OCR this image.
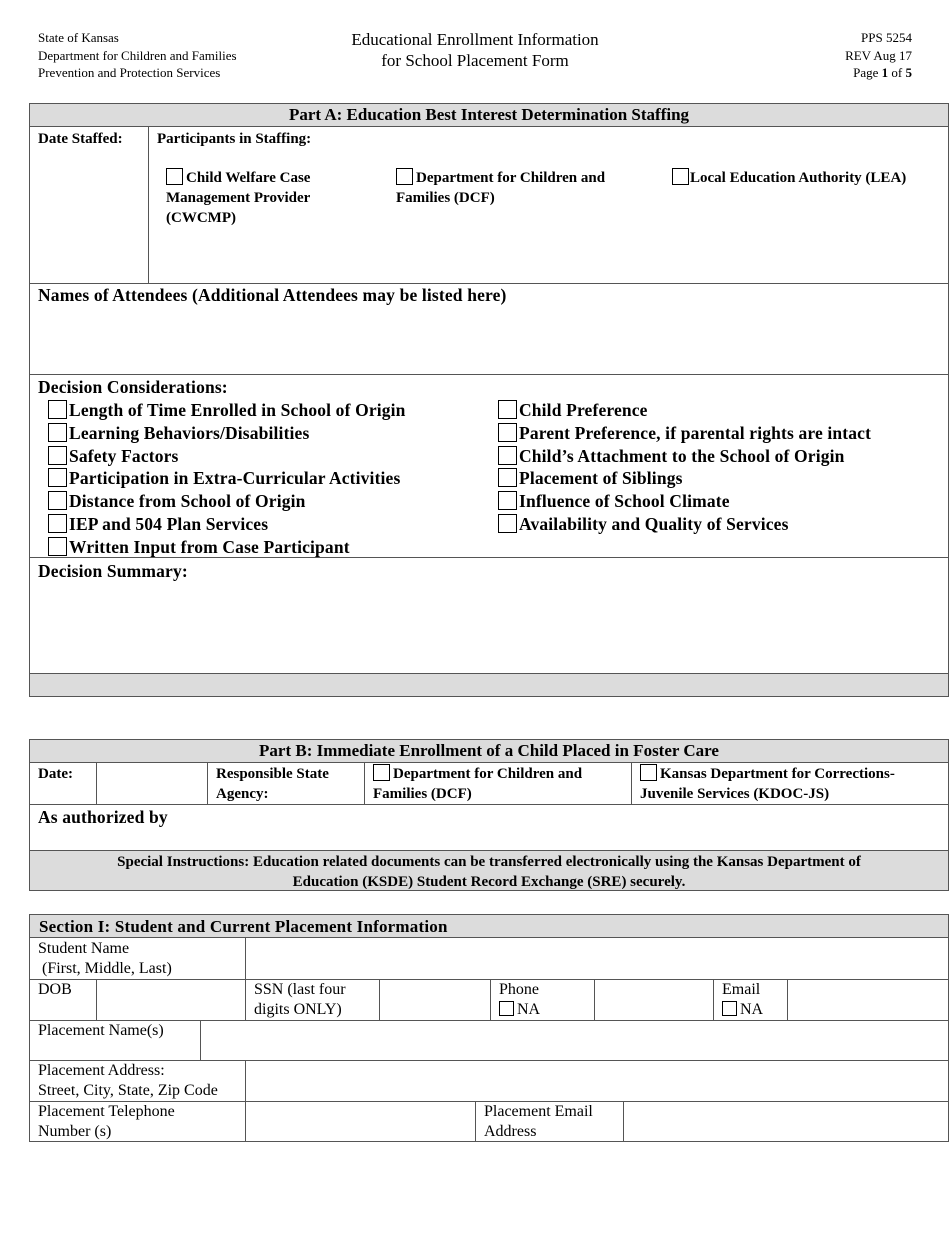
State of Kansas
Department for Children and Families
Prevention and Protection Services
Educational Enrollment Information
for School Placement Form
PPS 5254
REV Aug 17
Page 1 of 5
Part A: Education Best Interest Determination Staffing
Date Staffed: Participants in Staffing:
Child Welfare Case
Management Provider
(CWCMP)
Department for Children and
Families (DCF)
Local Education Authority (LEA)
Names of Attendees (Additional Attendees may be listed here)
Decision Considerations:
Length of Time Enrolled in School of Origin
Learning Behaviors/Disabilities
Safety Factors
Participation in Extra-Curricular Activities
Distance from School of Origin
IEP and 504 Plan Services
Written Input from Case Participant
Child Preference
Parent Preference, if parental rights are intact
Child’s Attachment to the School of Origin
Placement of Siblings
Influence of School Climate
Availability and Quality of Services
Decision Summary:
Part B: Immediate Enrollment of a Child Placed in Foster Care
Date:	Responsible State
Agency:
Department for Children and
Families (DCF)
Kansas Department for Corrections-
Juvenile Services (KDOC-JS)
As authorized by
Special Instructions: Education related documents can be transferred electronically using the Kansas Department of
Education (KSDE) Student Record Exchange (SRE) securely.
Section I: Student and Current Placement Information
Student Name
(First, Middle, Last)
DOB	SSN (last four
digits ONLY)
Phone
NA
Email
NA
Placement Name(s)
Placement Address:
Street, City, State, Zip Code
Placement Telephone
Number (s)
Placement Email
Address
